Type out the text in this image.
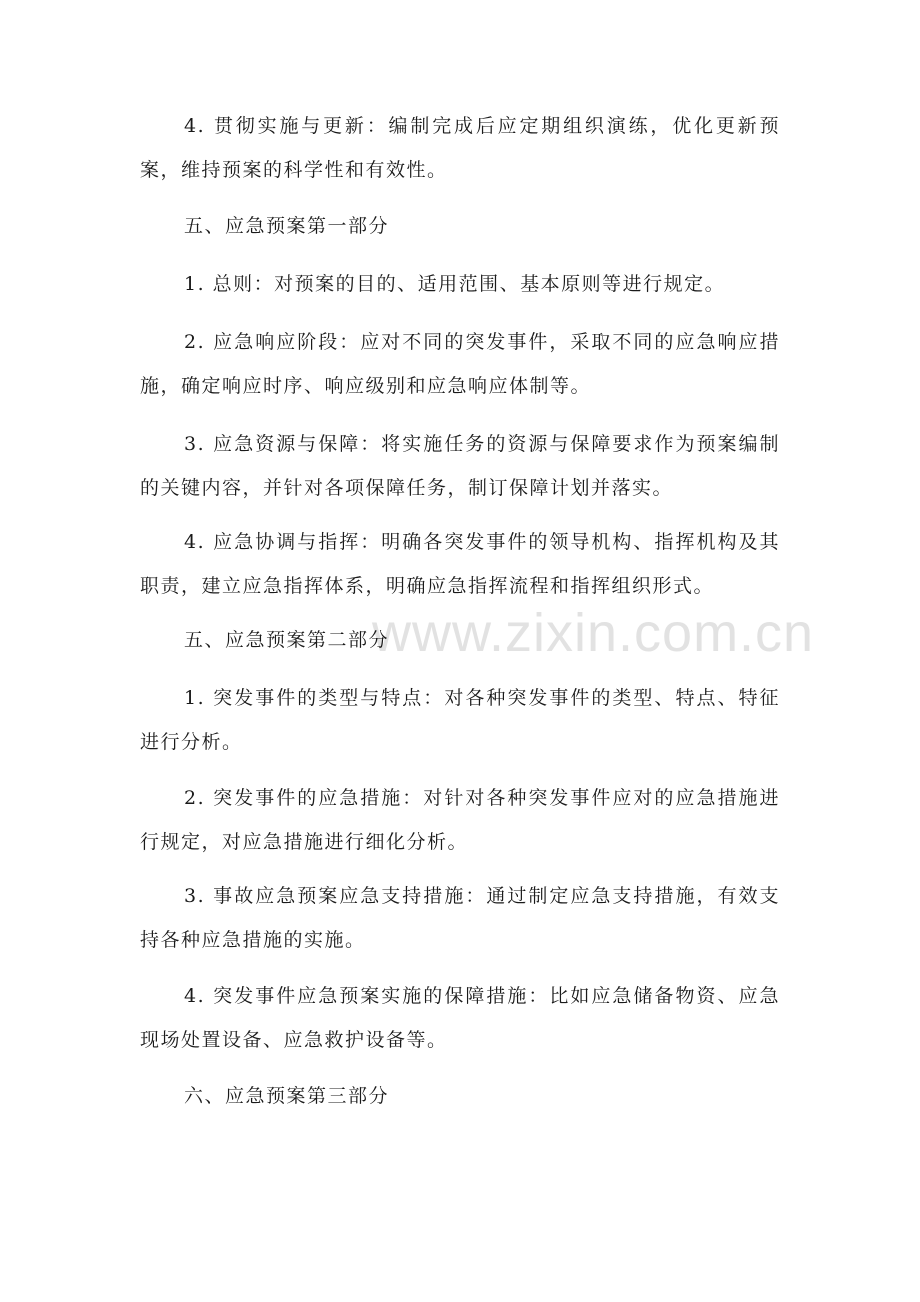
www.zixin.com.cn

4. 贯彻实施与更新：编制完成后应定期组织演练，优化更新预案，维持预案的科学性和有效性。

五、应急预案第一部分

1. 总则：对预案的目的、适用范围、基本原则等进行规定。

2. 应急响应阶段：应对不同的突发事件，采取不同的应急响应措施，确定响应时序、响应级别和应急响应体制等。

3. 应急资源与保障：将实施任务的资源与保障要求作为预案编制的关键内容，并针对各项保障任务，制订保障计划并落实。

4. 应急协调与指挥：明确各突发事件的领导机构、指挥机构及其职责，建立应急指挥体系，明确应急指挥流程和指挥组织形式。

五、应急预案第二部分

1. 突发事件的类型与特点：对各种突发事件的类型、特点、特征进行分析。

2. 突发事件的应急措施：对针对各种突发事件应对的应急措施进行规定，对应急措施进行细化分析。

3. 事故应急预案应急支持措施：通过制定应急支持措施，有效支持各种应急措施的实施。

4. 突发事件应急预案实施的保障措施：比如应急储备物资、应急现场处置设备、应急救护设备等。

六、应急预案第三部分
